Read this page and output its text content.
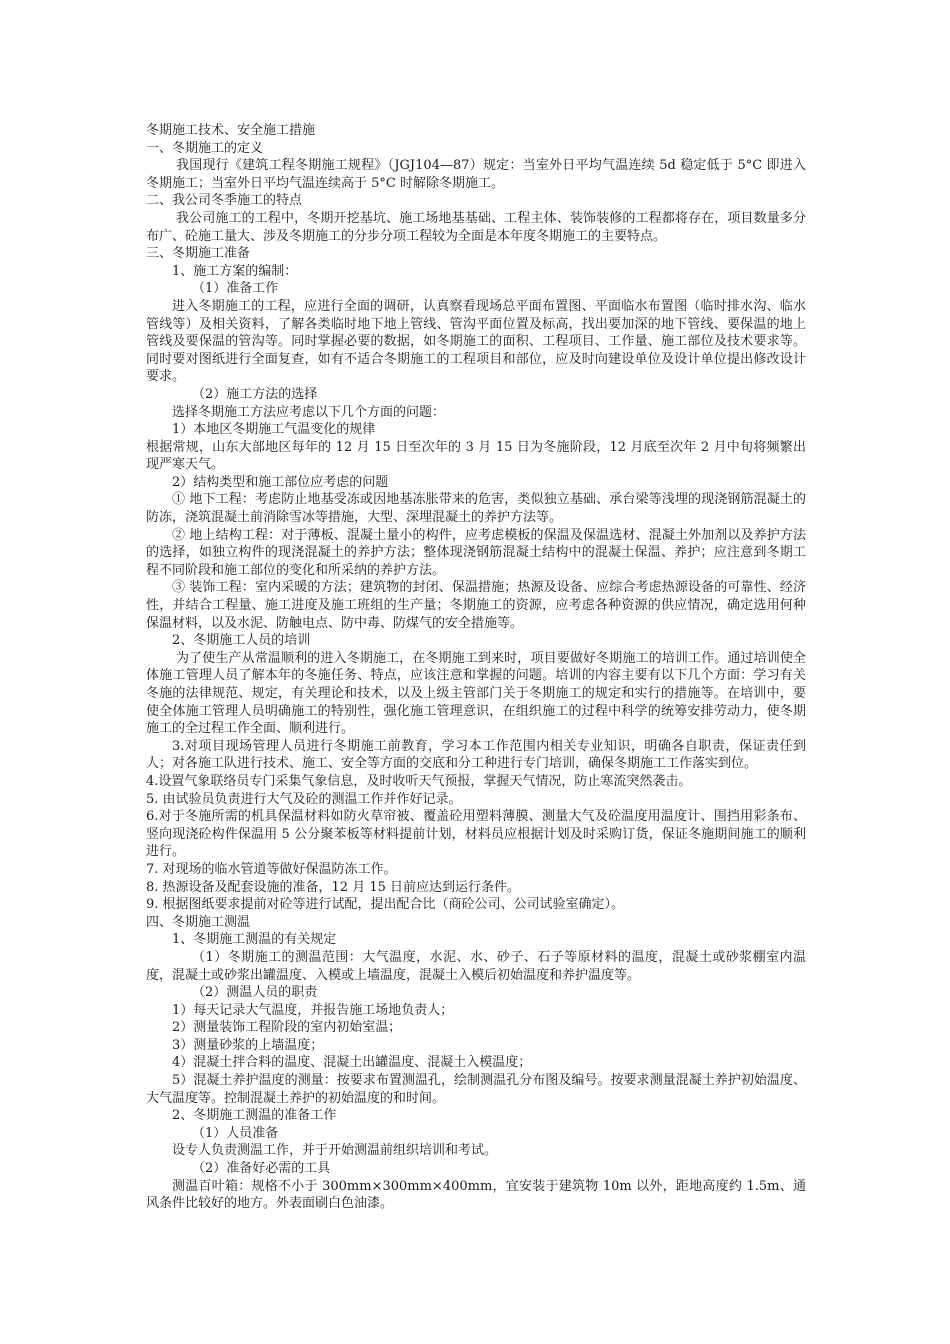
冬期施工技术、安全施工措施

一、冬期施工的定义

我国现行《建筑工程冬期施工规程》（JGJ104—87）规定：当室外日平均气温连续 5d 稳定低于 5°C 即进入冬期施工；当室外日平均气温连续高于 5°C 时解除冬期施工。

二、我公司冬季施工的特点

我公司施工的工程中，冬期开挖基坑、施工场地基基础、工程主体、装饰装修的工程都将存在，项目数量多分布广、砼施工量大、涉及冬期施工的分步分项工程较为全面是本年度冬期施工的主要特点。

三、冬期施工准备

1、施工方案的编制：

（1）准备工作

进入冬期施工的工程，应进行全面的调研，认真察看现场总平面布置图、平面临水布置图（临时排水沟、临水管线等）及相关资料，了解各类临时地下地上管线、管沟平面位置及标高，找出要加深的地下管线、要保温的地上管线及要保温的管沟等。同时掌握必要的数据，如冬期施工的面积、工程项目、工作量、施工部位及技术要求等。同时要对图纸进行全面复查，如有不适合冬期施工的工程项目和部位，应及时向建设单位及设计单位提出修改设计要求。

（2）施工方法的选择

选择冬期施工方法应考虑以下几个方面的问题：

1）本地区冬期施工气温变化的规律

根据常规，山东大部地区每年的 12 月 15 日至次年的 3 月 15 日为冬施阶段，12 月底至次年 2 月中旬将频繁出现严寒天气。

2）结构类型和施工部位应考虑的问题

① 地下工程：考虑防止地基受冻或因地基冻胀带来的危害，类似独立基础、承台梁等浅埋的现浇钢筋混凝土的防冻，浇筑混凝土前消除雪冰等措施，大型、深埋混凝土的养护方法等。

② 地上结构工程：对于薄板、混凝土量小的构件，应考虑模板的保温及保温选材、混凝土外加剂以及养护方法的选择，如独立构件的现浇混凝土的养护方法；整体现浇钢筋混凝土结构中的混凝土保温、养护；应注意到冬期工程不同阶段和施工部位的变化和所采纳的养护方法。

③ 装饰工程：室内采暖的方法；建筑物的封闭、保温措施；热源及设备、应综合考虑热源设备的可靠性、经济性，并结合工程量、施工进度及施工班组的生产量；冬期施工的资源，应考虑各种资源的供应情况，确定选用何种保温材料，以及水泥、防触电点、防中毒、防煤气的安全措施等。

2、冬期施工人员的培训

为了使生产从常温顺利的进入冬期施工，在冬期施工到来时，项目要做好冬期施工的培训工作。通过培训使全体施工管理人员了解本年的冬施任务、特点，应该注意和掌握的问题。培训的内容主要有以下几个方面：学习有关冬施的法律规范、规定，有关理论和技术，以及上级主管部门关于冬期施工的规定和实行的措施等。在培训中，要使全体施工管理人员明确施工的特别性，强化施工管理意识，在组织施工的过程中科学的统筹安排劳动力，使冬期施工的全过程工作全面、顺利进行。

3.对项目现场管理人员进行冬期施工前教育，学习本工作范围内相关专业知识，明确各自职责，保证责任到人；对各施工队进行技术、施工、安全等方面的交底和分工种进行专门培训，确保冬期施工工作落实到位。

4.设置气象联络员专门采集气象信息，及时收听天气预报，掌握天气情况，防止寒流突然袭击。

5. 由试验员负责进行大气及砼的测温工作并作好记录。

6.对于冬施所需的机具保温材料如防火草帘被、覆盖砼用塑料薄膜、测量大气及砼温度用温度计、围挡用彩条布、竖向现浇砼构件保温用 5 公分聚苯板等材料提前计划，材料员应根据计划及时采购订货，保证冬施期间施工的顺利进行。

7. 对现场的临水管道等做好保温防冻工作。

8. 热源设备及配套设施的准备，12 月 15 日前应达到运行条件。

9. 根据图纸要求提前对砼等进行试配，提出配合比（商砼公司、公司试验室确定）。

四、冬期施工测温

1、冬期施工测温的有关规定

（1）冬期施工的测温范围：大气温度，水泥、水、砂子、石子等原材料的温度，混凝土或砂浆棚室内温度，混凝土或砂浆出罐温度、入模或上墙温度，混凝土入模后初始温度和养护温度等。

（2）测温人员的职责

1）每天记录大气温度，并报告施工场地负责人；

2）测量装饰工程阶段的室内初始室温；

3）测量砂浆的上墙温度；

4）混凝土拌合料的温度、混凝土出罐温度、混凝土入模温度；

5）混凝土养护温度的测量：按要求布置测温孔，绘制测温孔分布图及编号。按要求测量混凝土养护初始温度、大气温度等。控制混凝土养护的初始温度的和时间。

2、冬期施工测温的准备工作

（1）人员准备

设专人负责测温工作，并于开始测温前组织培训和考试。

（2）准备好必需的工具

测温百叶箱：规格不小于 300mm×300mm×400mm，宜安装于建筑物 10m 以外，距地高度约 1.5m、通风条件比较好的地方。外表面刷白色油漆。
